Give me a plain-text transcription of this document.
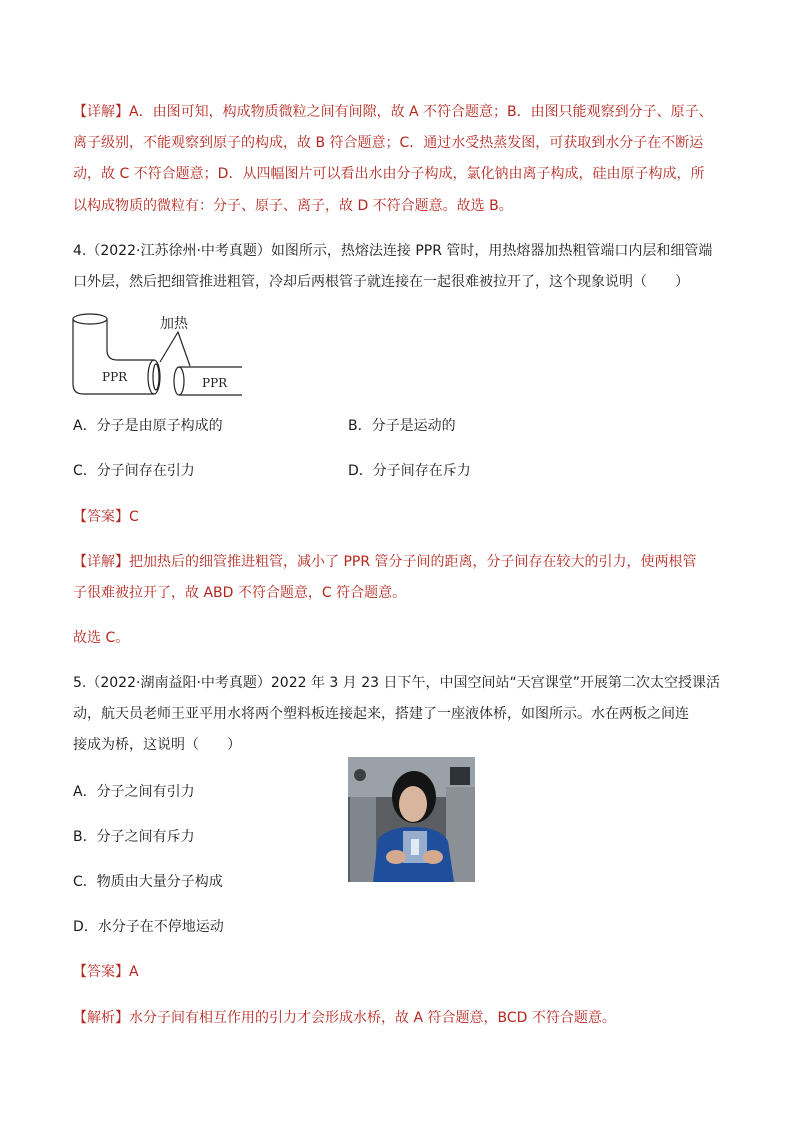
【详解】A．由图可知，构成物质微粒之间有间隙，故 A 不符合题意；B．由图只能观察到分子、原子、
离子级别，不能观察到原子的构成，故 B 符合题意；C．通过水受热蒸发图，可获取到水分子在不断运
动，故 C 不符合题意；D．从四幅图片可以看出水由分子构成，氯化钠由离子构成，硅由原子构成，所
以构成物质的微粒有：分子、原子、离子，故 D 不符合题意。故选 B。
4.（2022·江苏徐州·中考真题）如图所示，热熔法连接 PPR 管时，用热熔器加热粗管端口内层和细管端
口外层，然后把细管推进粗管，冷却后两根管子就连接在一起很难被拉开了，这个现象说明（　　）
加热
PPR	PPR
A．分子是由原子构成的	B．分子是运动的
C．分子间存在引力	D．分子间存在斥力
【答案】C
【详解】把加热后的细管推进粗管，减小了 PPR 管分子间的距离，分子间存在较大的引力，使两根管
子很难被拉开了，故 ABD 不符合题意，C 符合题意。
故选 C。
5.（2022·湖南益阳·中考真题）2022 年 3 月 23 日下午，中国空间站“天宫课堂”开展第二次太空授课活
动，航天员老师王亚平用水将两个塑料板连接起来，搭建了一座液体桥，如图所示。水在两板之间连
接成为桥，这说明（　　）
A．分子之间有引力
B．分子之间有斥力
C．物质由大量分子构成
D．水分子在不停地运动
【答案】A
【解析】水分子间有相互作用的引力才会形成水桥，故 A 符合题意，BCD 不符合题意。
